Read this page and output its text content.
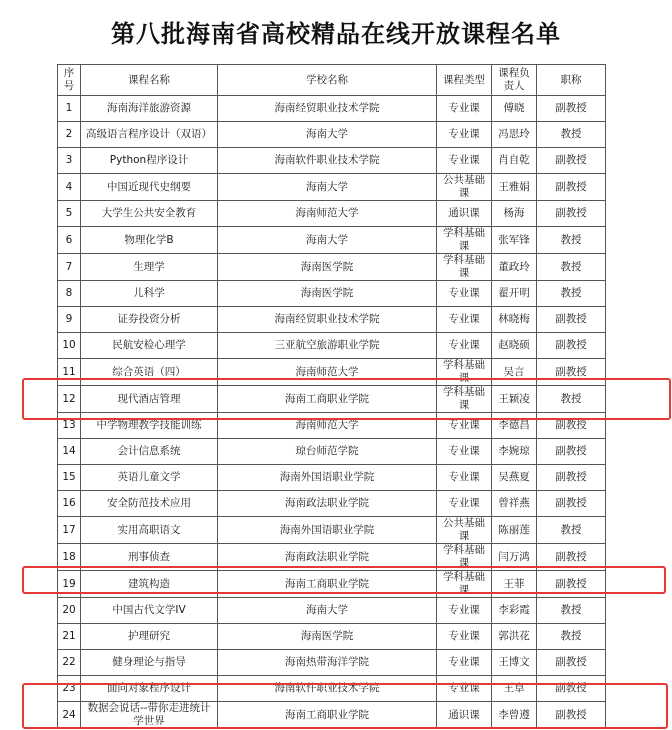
第八批海南省高校精品在线开放课程名单
序号	课程名称	学校名称	课程类型	课程负责人	职称
1	海南海洋旅游资源	海南经贸职业技术学院	专业课	傅晓	副教授
2	高级语言程序设计（双语）	海南大学	专业课	冯思玲	教授
3	Python程序设计	海南软件职业技术学院	专业课	肖自乾	副教授
4	中国近现代史纲要	海南大学	公共基础课	王雅娟	副教授
5	大学生公共安全教育	海南师范大学	通识课	杨海	副教授
6	物理化学B	海南大学	学科基础课	张军锋	教授
7	生理学	海南医学院	学科基础课	董政玲	教授
8	儿科学	海南医学院	专业课	翟开明	教授
9	证券投资分析	海南经贸职业技术学院	专业课	林晓梅	副教授
10	民航安检心理学	三亚航空旅游职业学院	专业课	赵晓硕	副教授
11	综合英语（四）	海南师范大学	学科基础课	吴言	副教授
12	现代酒店管理	海南工商职业学院	学科基础课	王颖凌	教授
13	中学物理教学技能训练	海南师范大学	专业课	李德昌	副教授
14	会计信息系统	琼台师范学院	专业课	李婉琼	副教授
15	英语儿童文学	海南外国语职业学院	专业课	吴燕夏	副教授
16	安全防范技术应用	海南政法职业学院	专业课	曾祥燕	副教授
17	实用高职语文	海南外国语职业学院	公共基础课	陈丽莲	教授
18	刑事侦查	海南政法职业学院	学科基础课	闫万鸿	副教授
19	建筑构造	海南工商职业学院	学科基础课	王菲	副教授
20	中国古代文学IV	海南大学	专业课	李彩霞	教授
21	护理研究	海南医学院	专业课	郭洪花	教授
22	健身理论与指导	海南热带海洋学院	专业课	王博文	副教授
23	面向对象程序设计	海南软件职业技术学院	专业课	王卓	副教授
24	数据会说话--带你走进统计学世界	海南工商职业学院	通识课	李曾遵	副教授
